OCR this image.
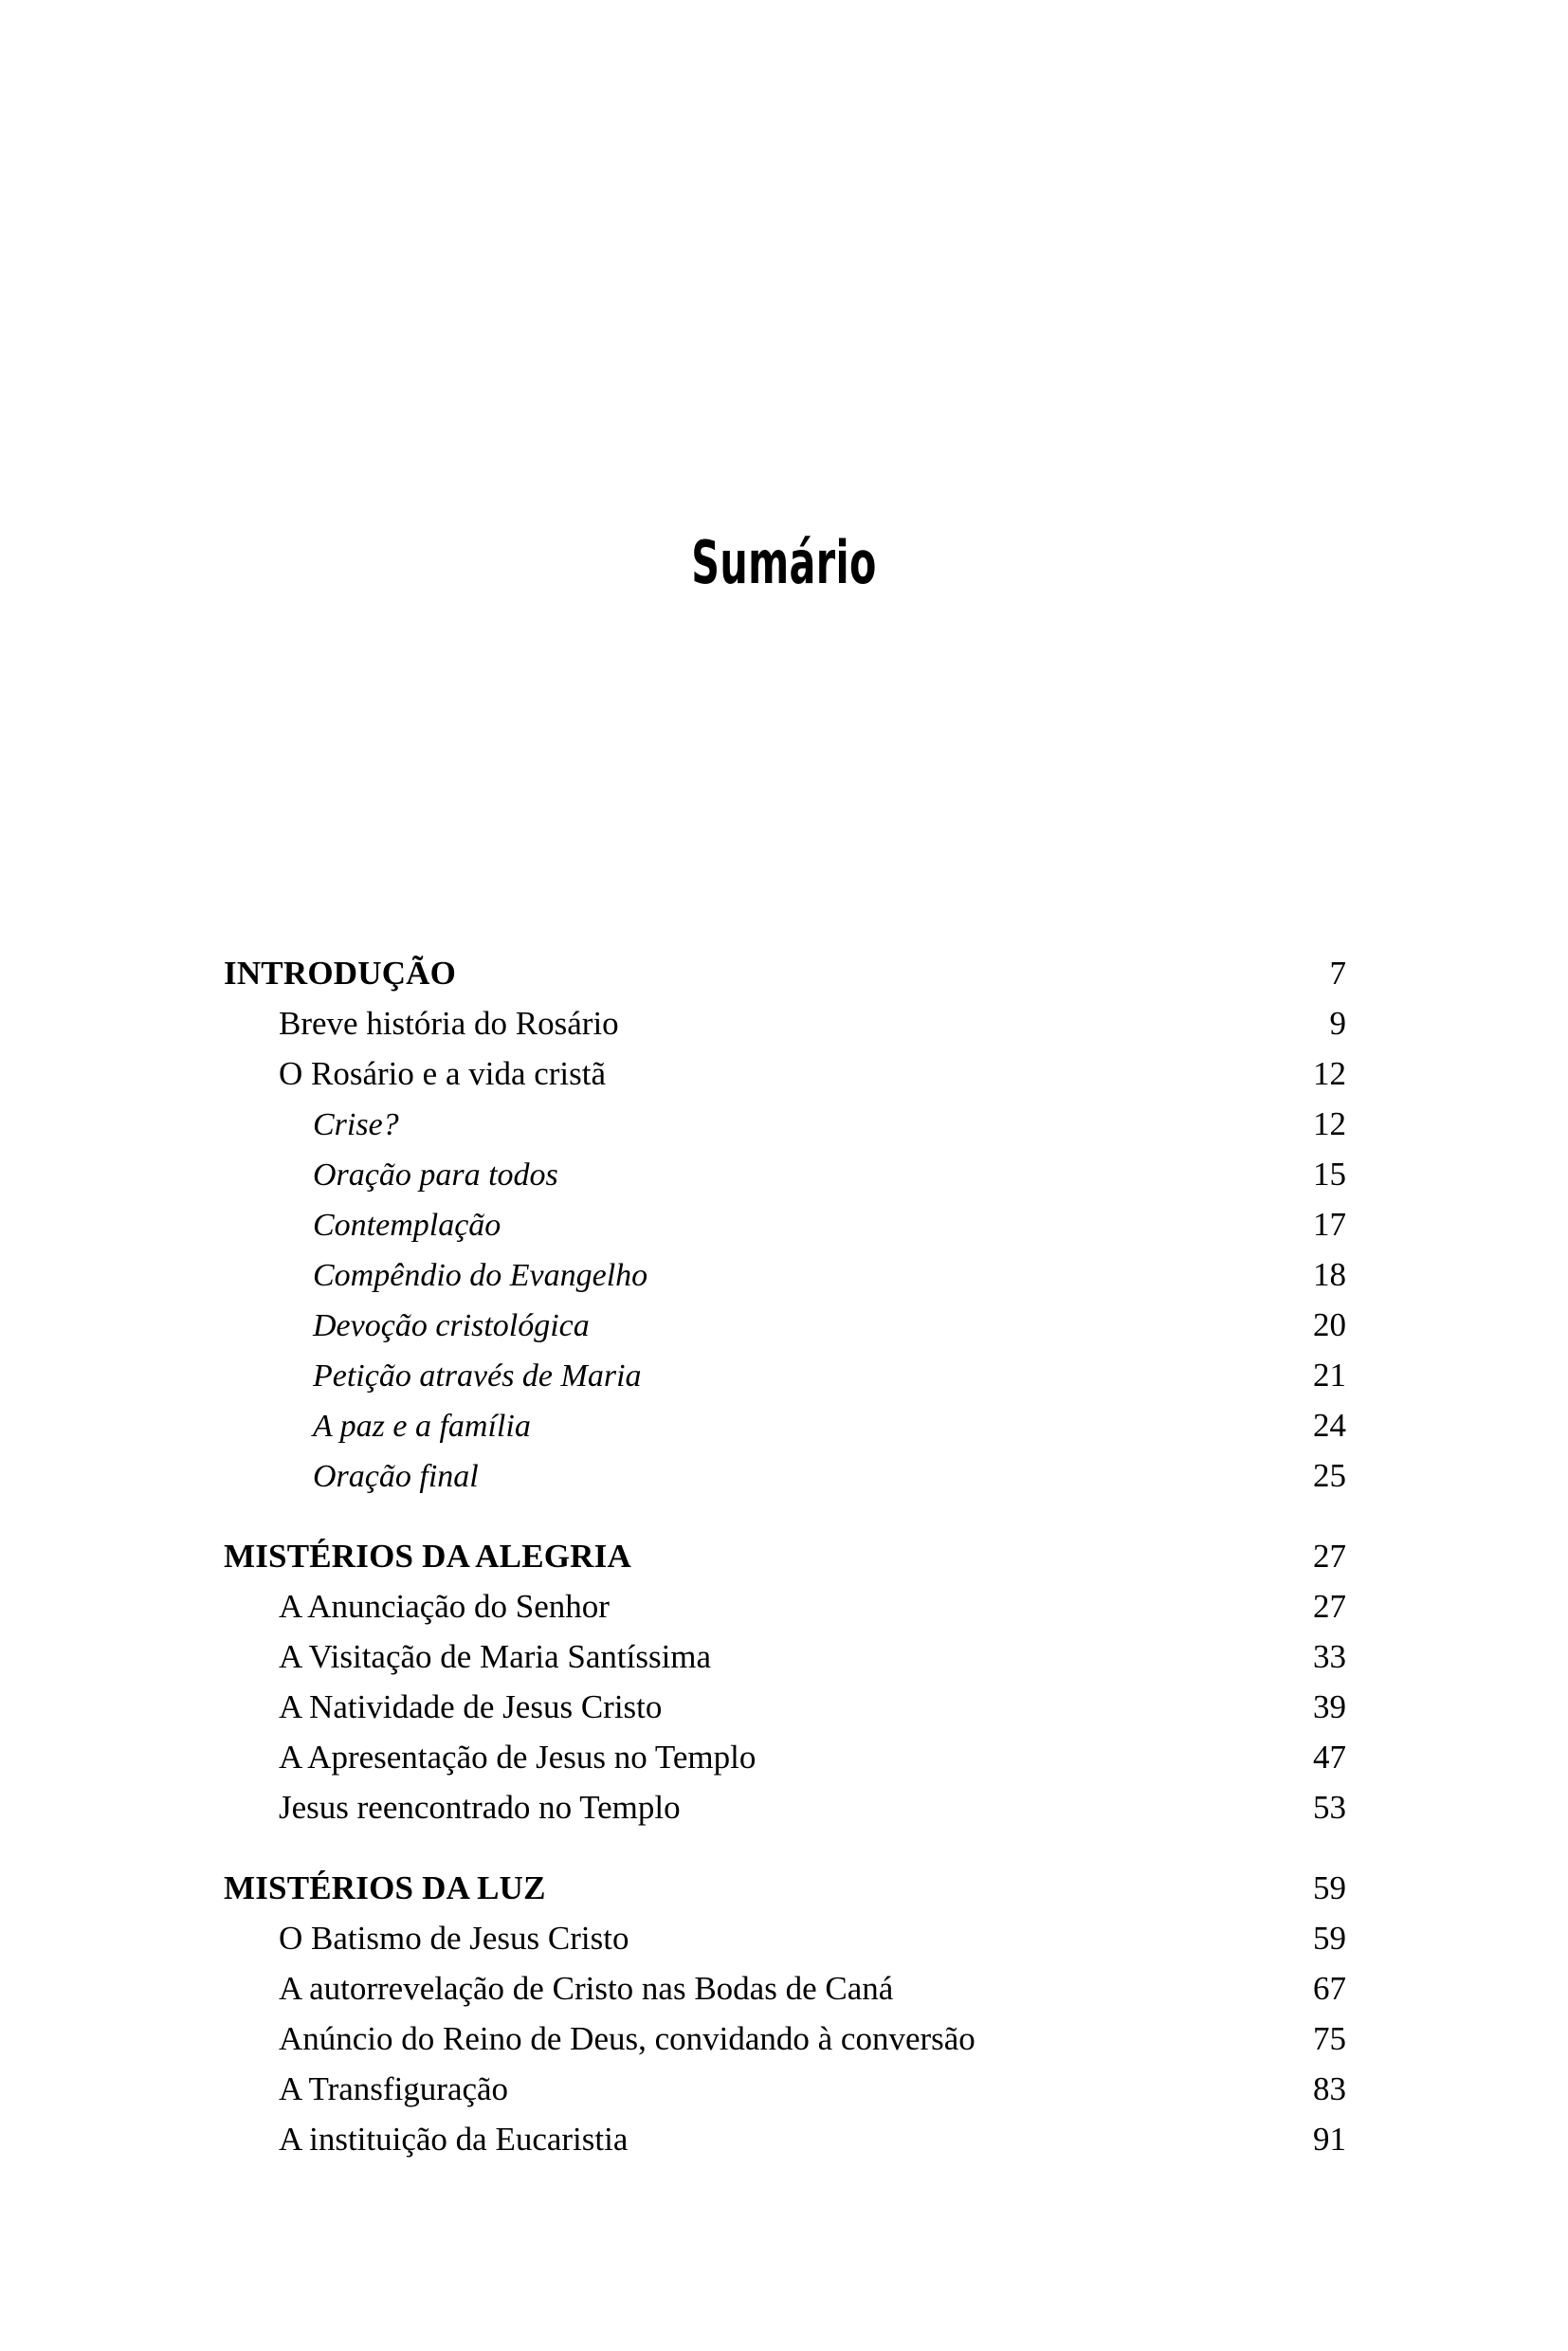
Sumário
INTRODUÇÃO	7
Breve história do Rosário	9
O Rosário e a vida cristã	12
Crise?	12
Oração para todos	15
Contemplação	17
Compêndio do Evangelho	18
Devoção cristológica	20
Petição através de Maria	21
A paz e a família	24
Oração final	25
MISTÉRIOS DA ALEGRIA	27
A Anunciação do Senhor	27
A Visitação de Maria Santíssima	33
A Natividade de Jesus Cristo	39
A Apresentação de Jesus no Templo	47
Jesus reencontrado no Templo	53
MISTÉRIOS DA LUZ	59
O Batismo de Jesus Cristo	59
A autorrevelação de Cristo nas Bodas de Caná	67
Anúncio do Reino de Deus, convidando à conversão	75
A Transfiguração	83
A instituição da Eucaristia	91
